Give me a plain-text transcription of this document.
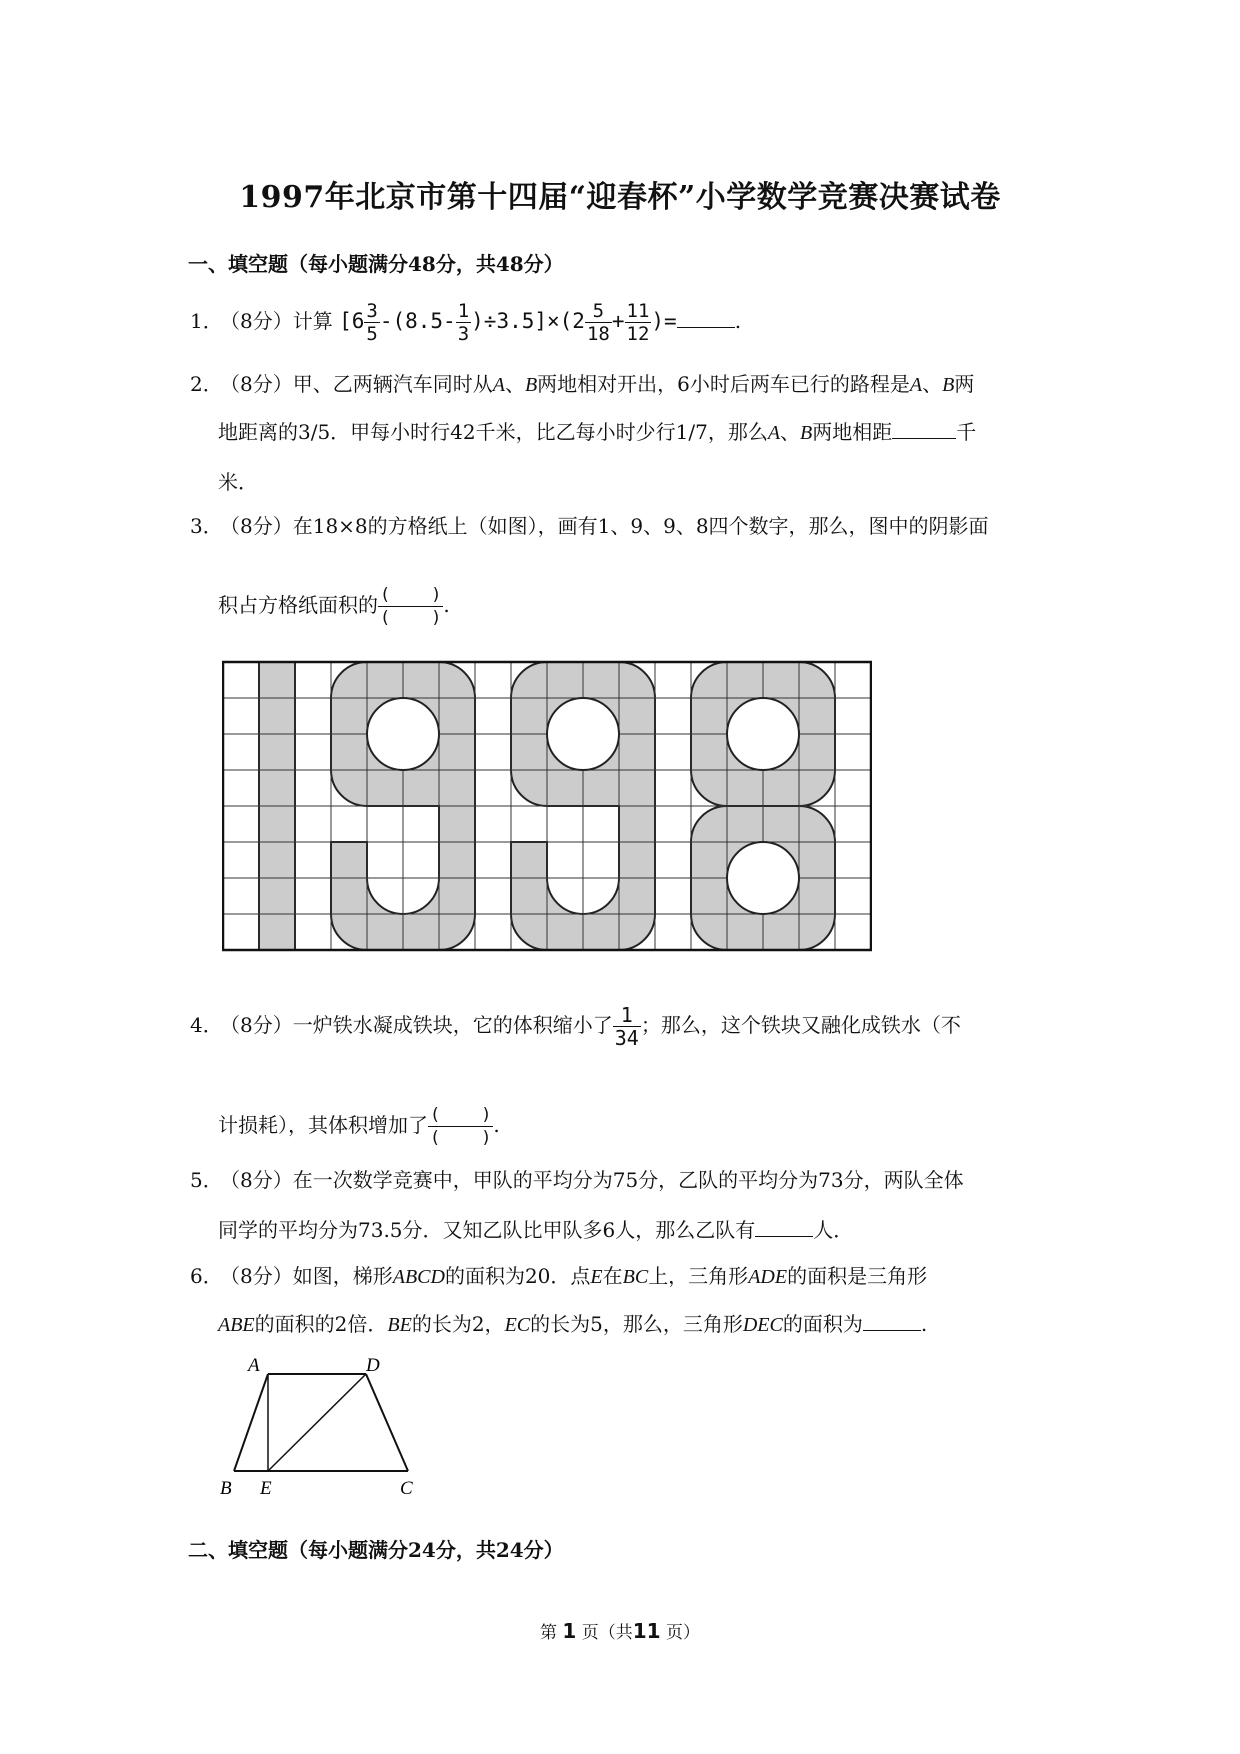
1997年北京市第十四届“迎春杯”小学数学竞赛决赛试卷
一、填空题（每小题满分48分，共48分）
1．（8分）计算 $[6 \frac{3}{5} -(8.5- \frac{1}{3} )\div 3.5]\times(2 \frac{5}{18} + \frac{11}{12}$ )=	.
2．（8分）甲、乙两辆汽车同时从A、B两地相对开出，6小时后两车已行的路程是A、B两
地距离的3/5．甲每小时行42千米，比乙每小时少行1/7，那么A、B两地相距	千
米．
3．（8分）在18×8的方格纸上（如图），画有1、9、9、8四个数字，那么，图中的阴影面
积占方格纸面积的 $\frac{( )}{( )}$ .
4．（8分）一炉铁水凝成铁块，它的体积缩小了 $\frac{1}{34}$ ；那么，这个铁块又融化成铁水（不
计损耗），其体积增加了 $\frac{( )}{( )}$ .
5．（8分）在一次数学竞赛中，甲队的平均分为75分，乙队的平均分为73分，两队全体
同学的平均分为73.5分．又知乙队比甲队多6人，那么乙队有	人．
6．（8分）如图，梯形ABCD的面积为20．点E在BC上，三角形ADE的面积是三角形
ABE的面积的2倍．BE的长为2，EC的长为5，那么，三角形DEC的面积为	.
A	D
B E	C
二、填空题（每小题满分24分，共24分）
第 1 页（共11 页）
